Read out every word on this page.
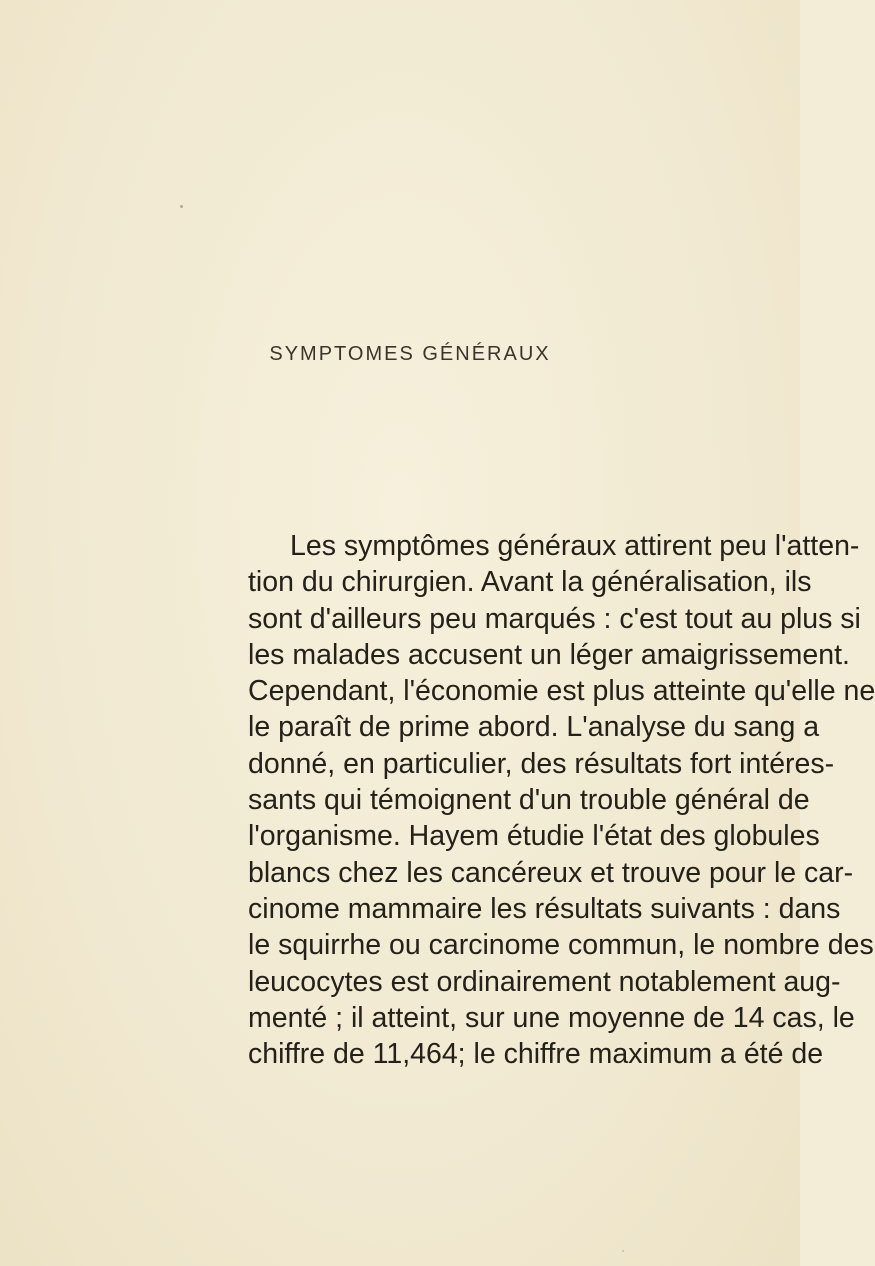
SYMPTOMES GÉNÉRAUX
Les symptômes généraux attirent peu l'atten-
tion du chirurgien. Avant la généralisation, ils
sont d'ailleurs peu marqués : c'est tout au plus si
les malades accusent un léger amaigrissement.
Cependant, l'économie est plus atteinte qu'elle ne
le paraît de prime abord. L'analyse du sang a
donné, en particulier, des résultats fort intéres-
sants qui témoignent d'un trouble général de
l'organisme. Hayem étudie l'état des globules
blancs chez les cancéreux et trouve pour le car-
cinome mammaire les résultats suivants : dans
le squirrhe ou carcinome commun, le nombre des
leucocytes est ordinairement notablement aug-
menté ; il atteint, sur une moyenne de 14 cas, le
chiffre de 11,464; le chiffre maximum a été de
